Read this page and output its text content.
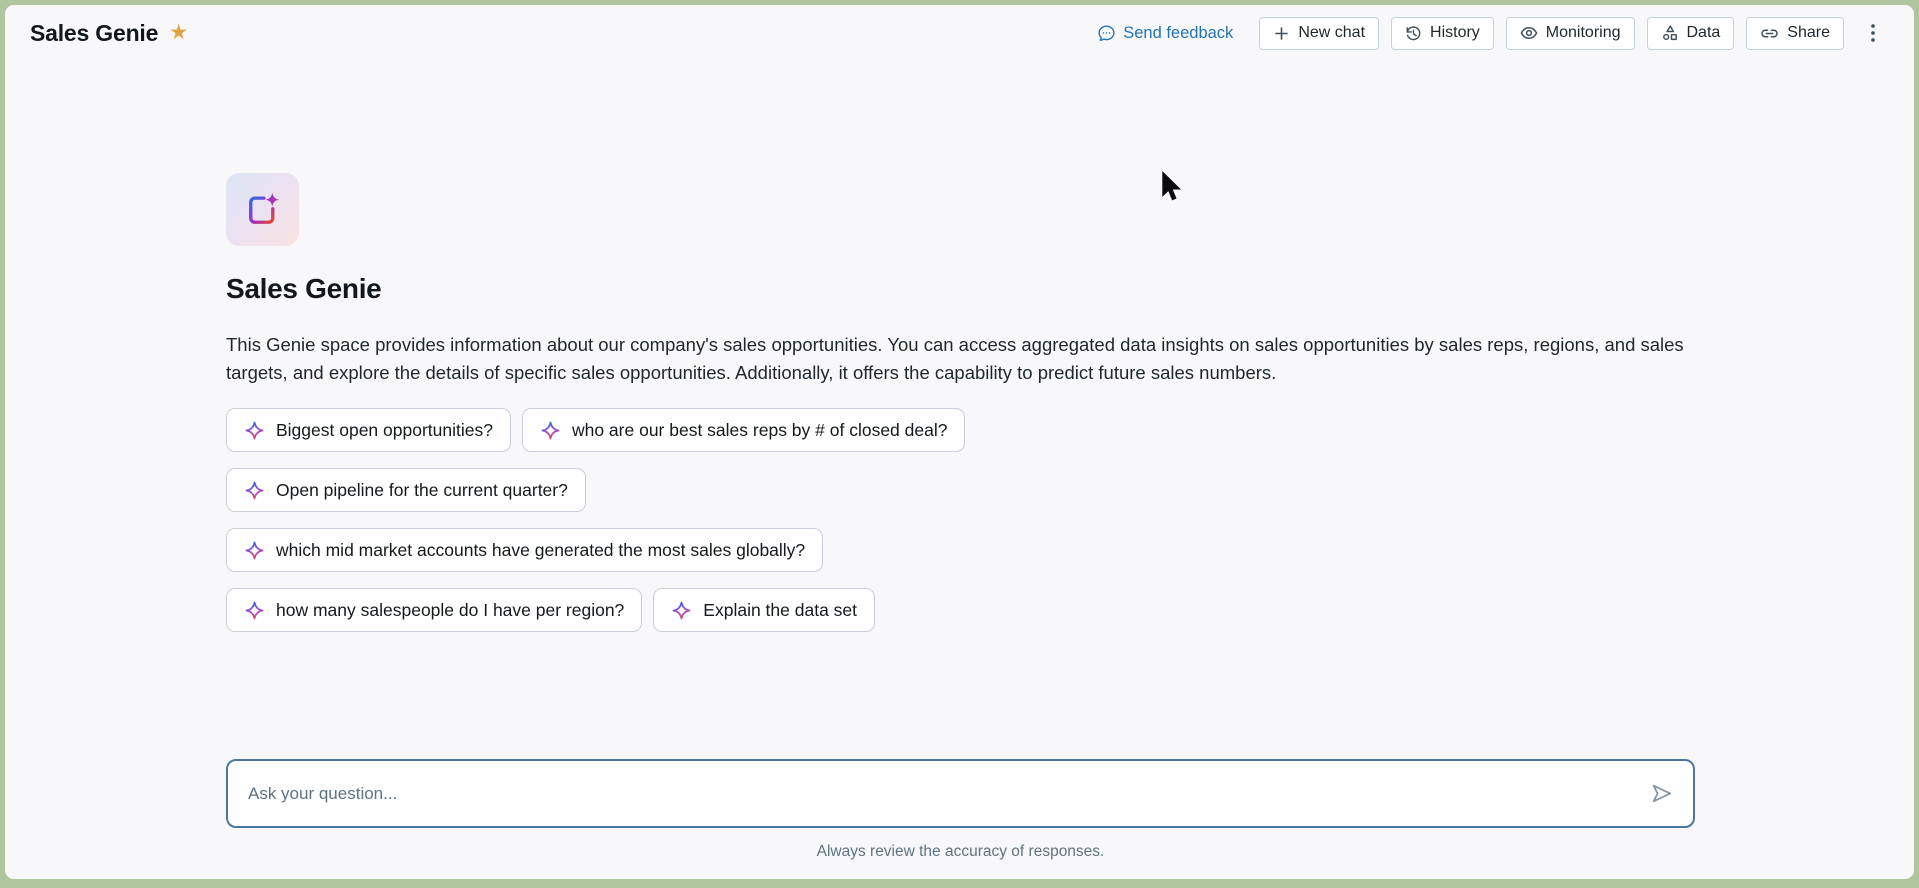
Sales Genie ★	Send feedback	New chat	History	Monitoring	Data	Share
Sales Genie

This Genie space provides information about our company's sales opportunities. You can access aggregated data insights on sales opportunities by sales reps, regions, and sales targets, and explore the details of specific sales opportunities. Additionally, it offers the capability to predict future sales numbers.

Biggest open opportunities?	who are our best sales reps by # of closed deal?
Open pipeline for the current quarter?
which mid market accounts have generated the most sales globally?
how many salespeople do I have per region?	Explain the data set
Ask your question...
Always review the accuracy of responses.
